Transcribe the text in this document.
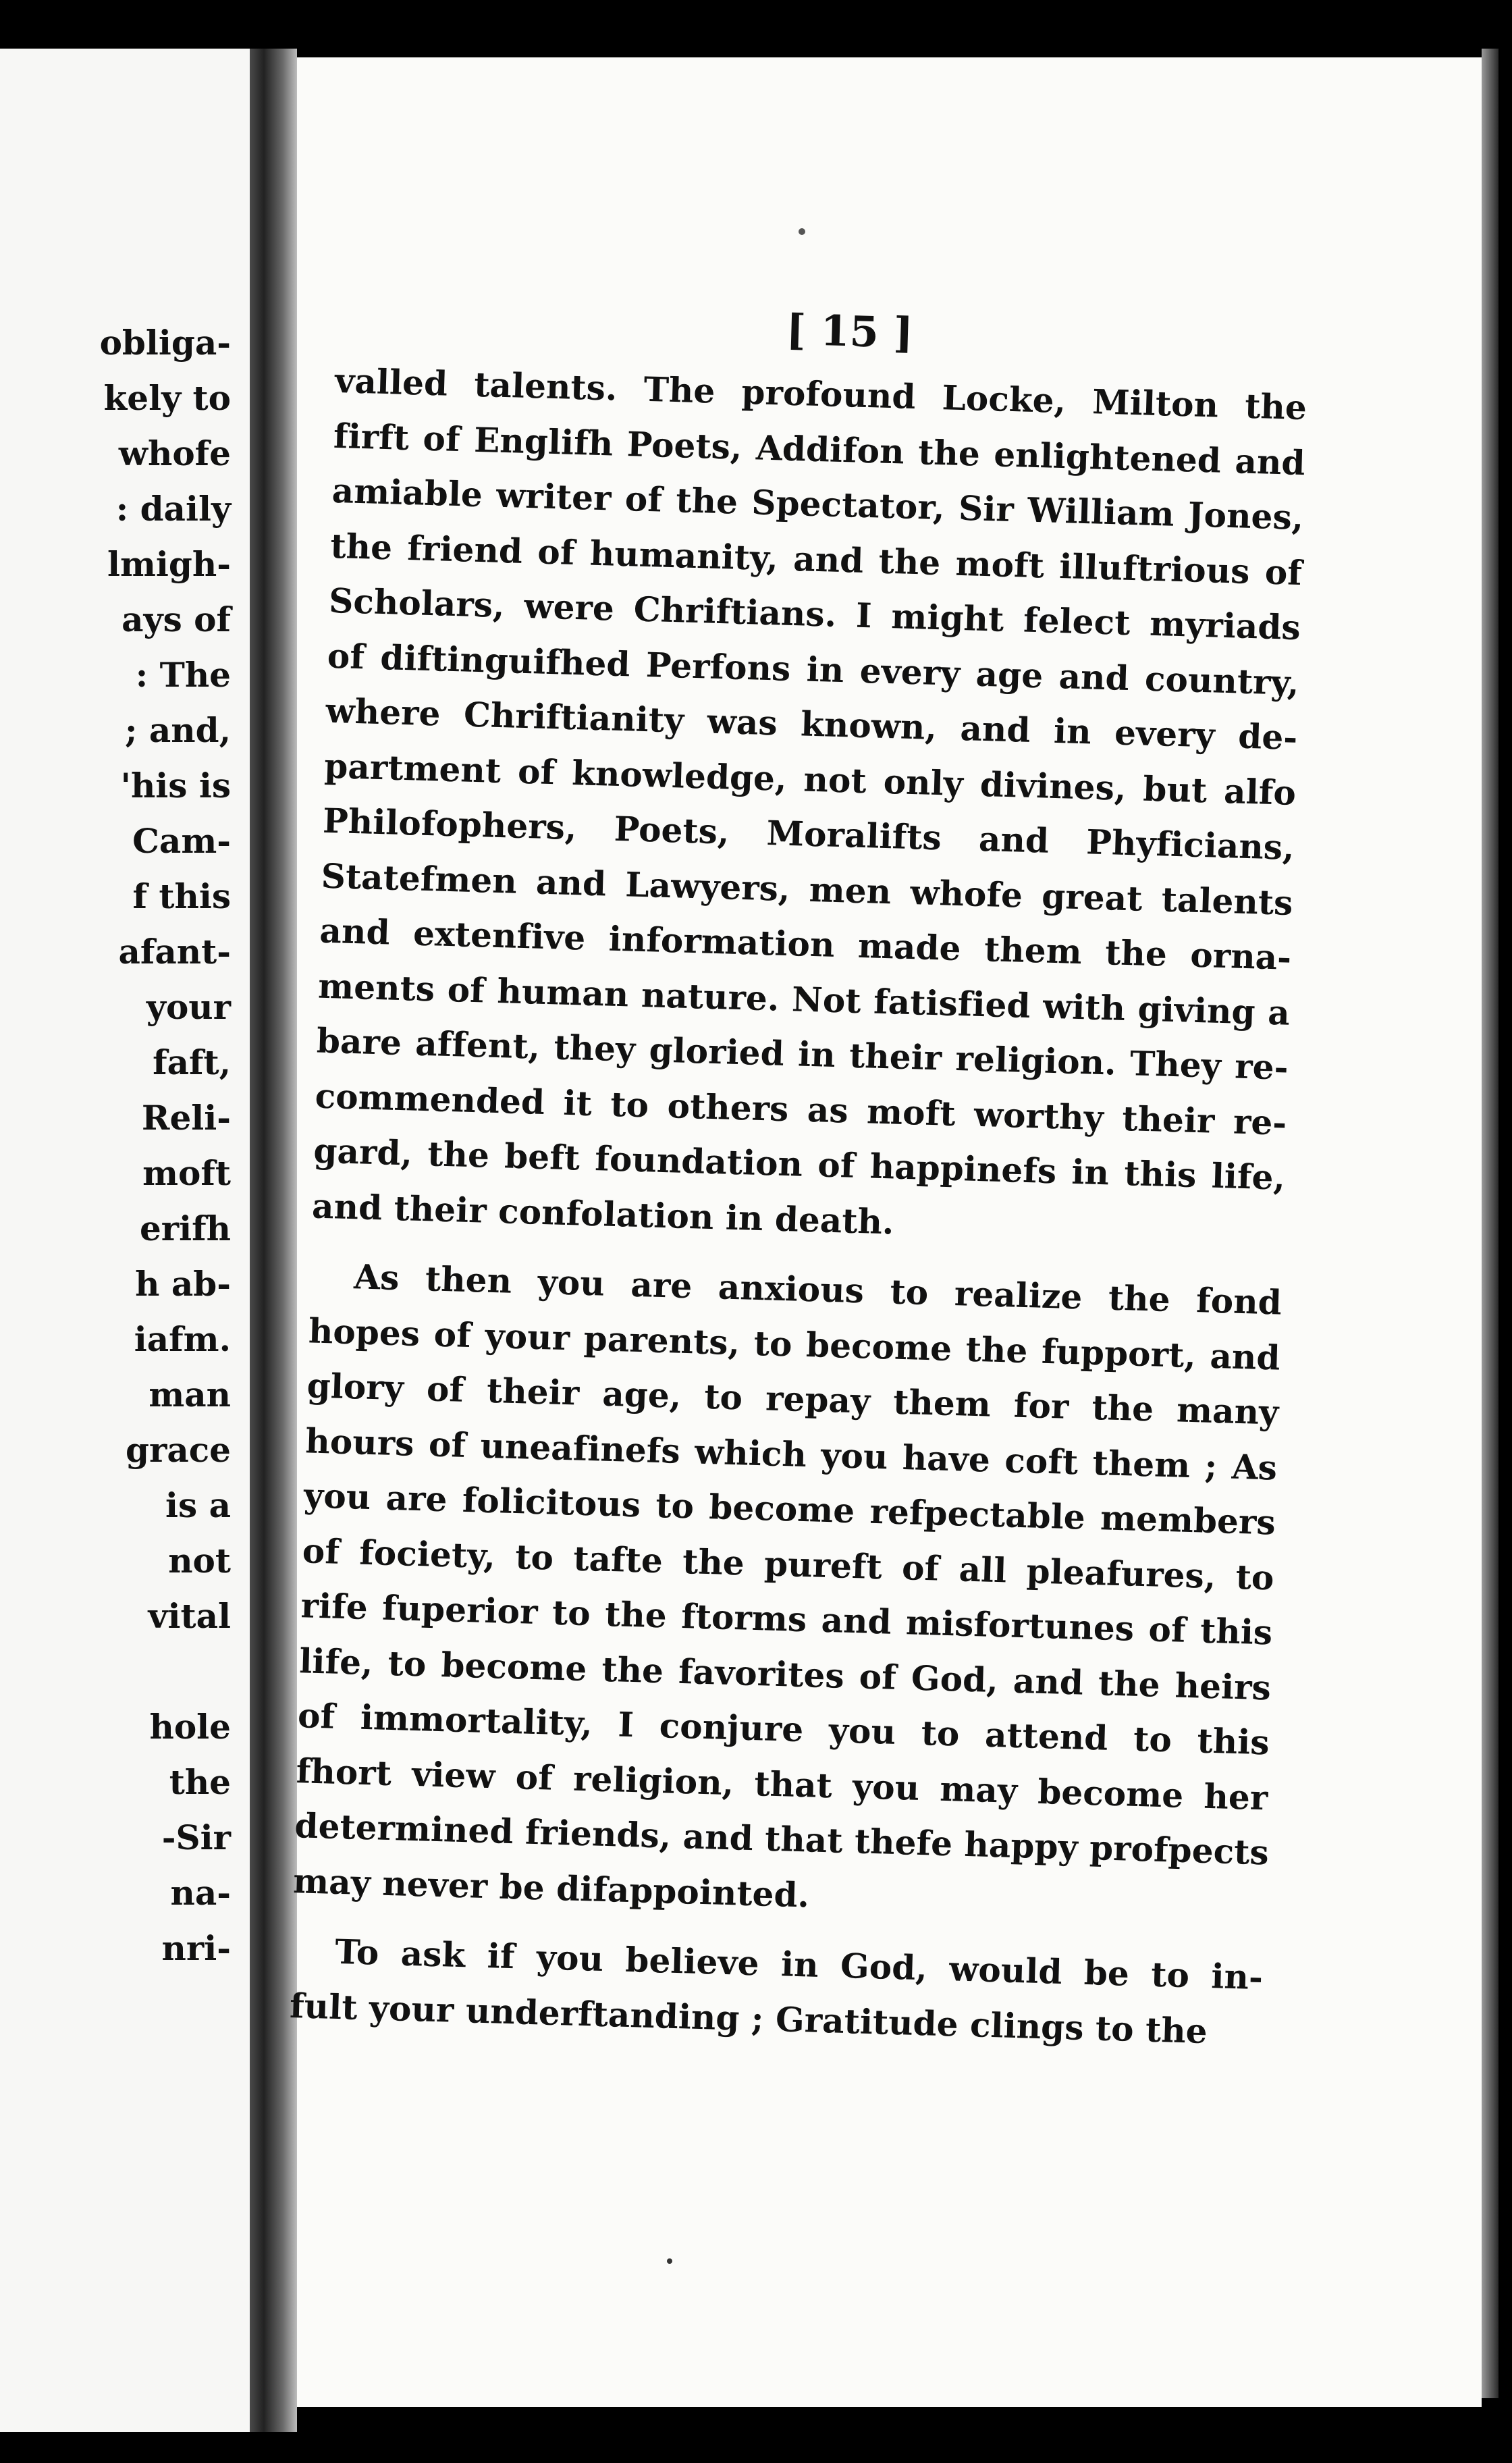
obliga-
kely to
whofe
: daily
lmigh-
ays of
: The
; and,
'his is
Cam-
f this
afant-
your
faft,
Reli-
moft
erifh
h ab-
iafm.
man
grace
is a
not
vital
hole
the
-Sir
na-
nri-
[ 15 ]
valled talents. The profound Locke, Milton the
firft of Englifh Poets, Addifon the enlightened and
amiable writer of the Spectator, Sir William Jones,
the friend of humanity, and the moft illuftrious of
Scholars, were Chriftians. I might felect myriads
of diftinguifhed Perfons in every age and country,
where Chriftianity was known, and in every de-
partment of knowledge, not only divines, but alfo
Philofophers, Poets, Moralifts and Phyficians,
Statefmen and Lawyers, men whofe great talents
and extenfive information made them the orna-
ments of human nature. Not fatisfied with giving a
bare affent, they gloried in their religion. They re-
commended it to others as moft worthy their re-
gard, the beft foundation of happinefs in this life,
and their confolation in death.
As then you are anxious to realize the fond
hopes of your parents, to become the fupport, and
glory of their age, to repay them for the many
hours of uneafinefs which you have coft them ; As
you are folicitous to become refpectable members
of fociety, to tafte the pureft of all pleafures, to
rife fuperior to the ftorms and misfortunes of this
life, to become the favorites of God, and the heirs
of immortality, I conjure you to attend to this
fhort view of religion, that you may become her
determined friends, and that thefe happy profpects
may never be difappointed.
To ask if you believe in God, would be to in-
fult your underftanding ; Gratitude clings to the
